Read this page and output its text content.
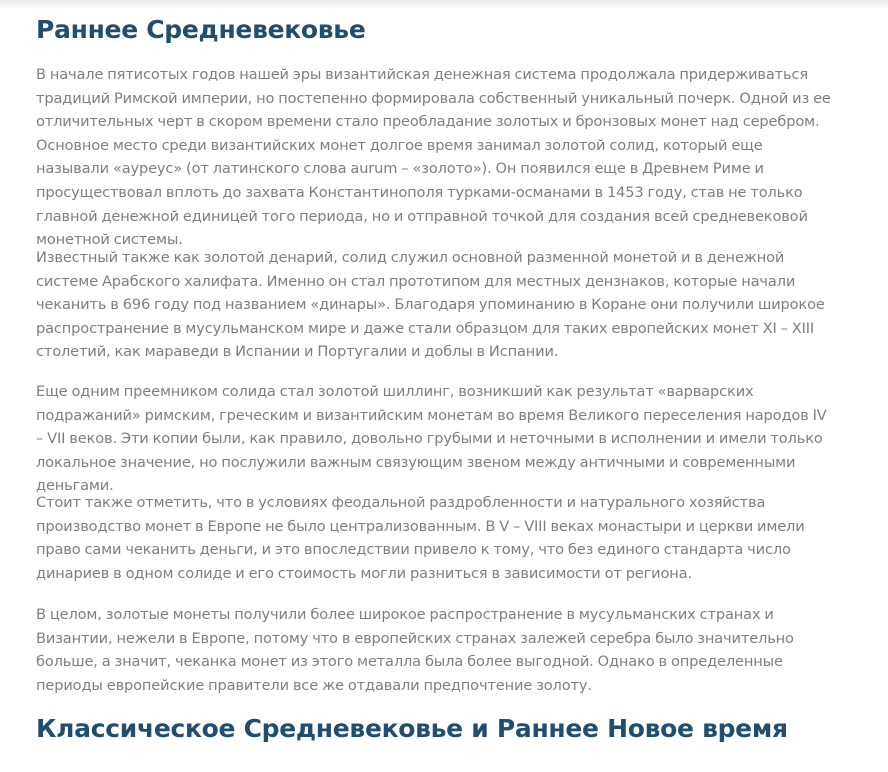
Раннее Средневековье

В начале пятисотых годов нашей эры византийская денежная система продолжала придерживаться традиций Римской империи, но постепенно формировала собственный уникальный почерк. Одной из ее отличительных черт в скором времени стало преобладание золотых и бронзовых монет над серебром. Основное место среди византийских монет долгое время занимал золотой солид, который еще называли «ауреус» (от латинского слова aurum – «золото»). Он появился еще в Древнем Риме и просуществовал вплоть до захвата Константинополя турками-османами в 1453 году, став не только главной денежной единицей того периода, но и отправной точкой для создания всей средневековой монетной системы.

Известный также как золотой денарий, солид служил основной разменной монетой и в денежной системе Арабского халифата. Именно он стал прототипом для местных дензнаков, которые начали чеканить в 696 году под названием «динары». Благодаря упоминанию в Коране они получили широкое распространение в мусульманском мире и даже стали образцом для таких европейских монет XI – XIII столетий, как мараведи в Испании и Португалии и доблы в Испании.

Еще одним преемником солида стал золотой шиллинг, возникший как результат «варварских подражаний» римским, греческим и византийским монетам во время Великого переселения народов IV – VII веков. Эти копии были, как правило, довольно грубыми и неточными в исполнении и имели только локальное значение, но послужили важным связующим звеном между античными и современными деньгами.

Стоит также отметить, что в условиях феодальной раздробленности и натурального хозяйства производство монет в Европе не было централизованным. В V – VIII веках монастыри и церкви имели право сами чеканить деньги, и это впоследствии привело к тому, что без единого стандарта число динариев в одном солиде и его стоимость могли разниться в зависимости от региона.

В целом, золотые монеты получили более широкое распространение в мусульманских странах и Византии, нежели в Европе, потому что в европейских странах залежей серебра было значительно больше, а значит, чеканка монет из этого металла была более выгодной. Однако в определенные периоды европейские правители все же отдавали предпочтение золоту.

Классическое Средневековье и Раннее Новое время
